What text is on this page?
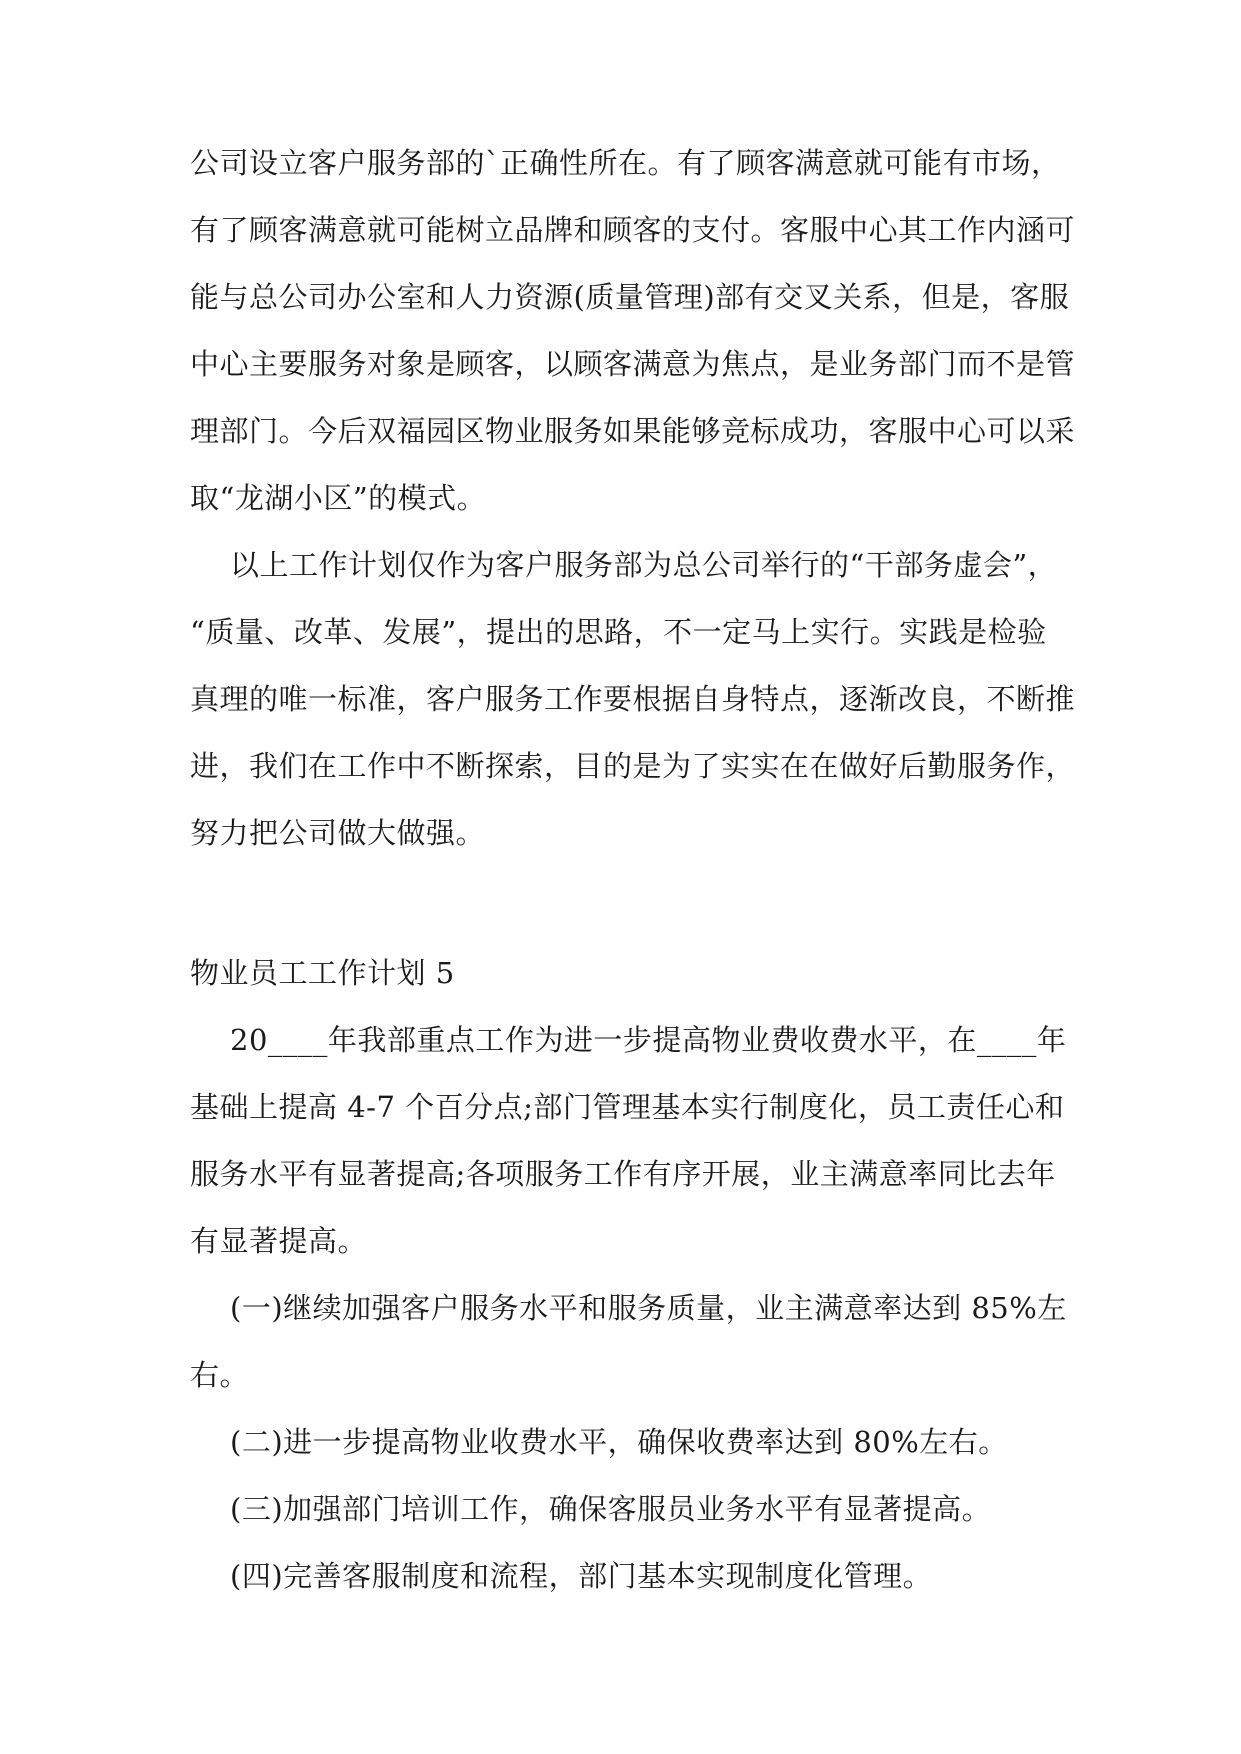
公司设立客户服务部的`正确性所在。有了顾客满意就可能有市场，
有了顾客满意就可能树立品牌和顾客的支付。客服中心其工作内涵可
能与总公司办公室和人力资源(质量管理)部有交叉关系，但是，客服
中心主要服务对象是顾客，以顾客满意为焦点，是业务部门而不是管
理部门。今后双福园区物业服务如果能够竞标成功，客服中心可以采
取“龙湖小区”的模式。
以上工作计划仅作为客户服务部为总公司举行的“干部务虚会”，
“质量、改革、发展”，提出的思路，不一定马上实行。实践是检验
真理的唯一标准，客户服务工作要根据自身特点，逐渐改良，不断推
进，我们在工作中不断探索，目的是为了实实在在做好后勤服务作，
努力把公司做大做强。
物业员工工作计划 5
20____年我部重点工作为进一步提高物业费收费水平，在____年
基础上提高 4-7 个百分点;部门管理基本实行制度化，员工责任心和
服务水平有显著提高;各项服务工作有序开展，业主满意率同比去年
有显著提高。
(一)继续加强客户服务水平和服务质量，业主满意率达到 85%左
右。
(二)进一步提高物业收费水平，确保收费率达到 80%左右。
(三)加强部门培训工作，确保客服员业务水平有显著提高。
(四)完善客服制度和流程，部门基本实现制度化管理。
